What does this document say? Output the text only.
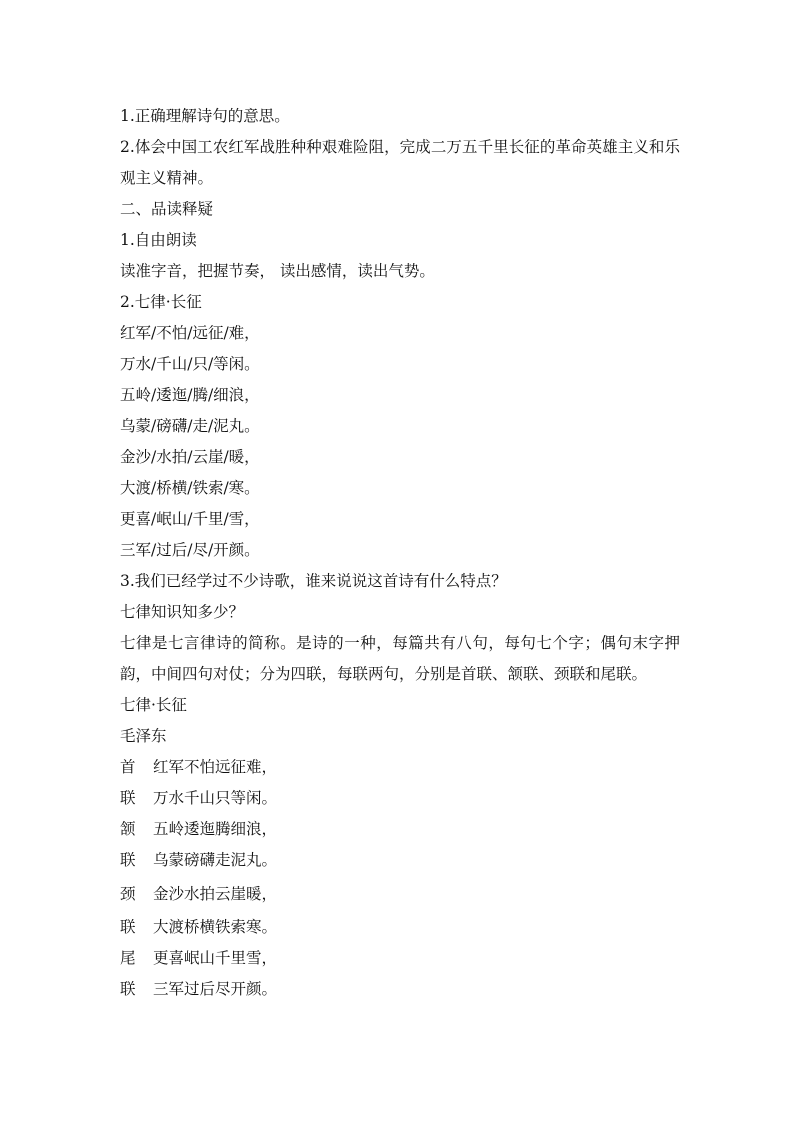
1.正确理解诗句的意思。
2.体会中国工农红军战胜种种艰难险阻，完成二万五千里长征的革命英雄主义和乐观主义精神。
二、品读释疑
1.自由朗读
读准字音，把握节奏， 读出感情，读出气势。
2.七律·长征
红军/不怕/远征/难，
万水/千山/只/等闲。
五岭/逶迤/腾/细浪，
乌蒙/磅礴/走/泥丸。
金沙/水拍/云崖/暖，
大渡/桥横/铁索/寒。
更喜/岷山/千里/雪，
三军/过后/尽/开颜。
3.我们已经学过不少诗歌，谁来说说这首诗有什么特点？
七律知识知多少？
七律是七言律诗的简称。是诗的一种，每篇共有八句，每句七个字；偶句末字押韵，中间四句对仗；分为四联，每联两句，分别是首联、颔联、颈联和尾联。
七律·长征
毛泽东
首	红军不怕远征难，
联	万水千山只等闲。
颔	五岭逶迤腾细浪，
联	乌蒙磅礴走泥丸。
颈	金沙水拍云崖暖，
联	大渡桥横铁索寒。
尾	更喜岷山千里雪，
联	三军过后尽开颜。
